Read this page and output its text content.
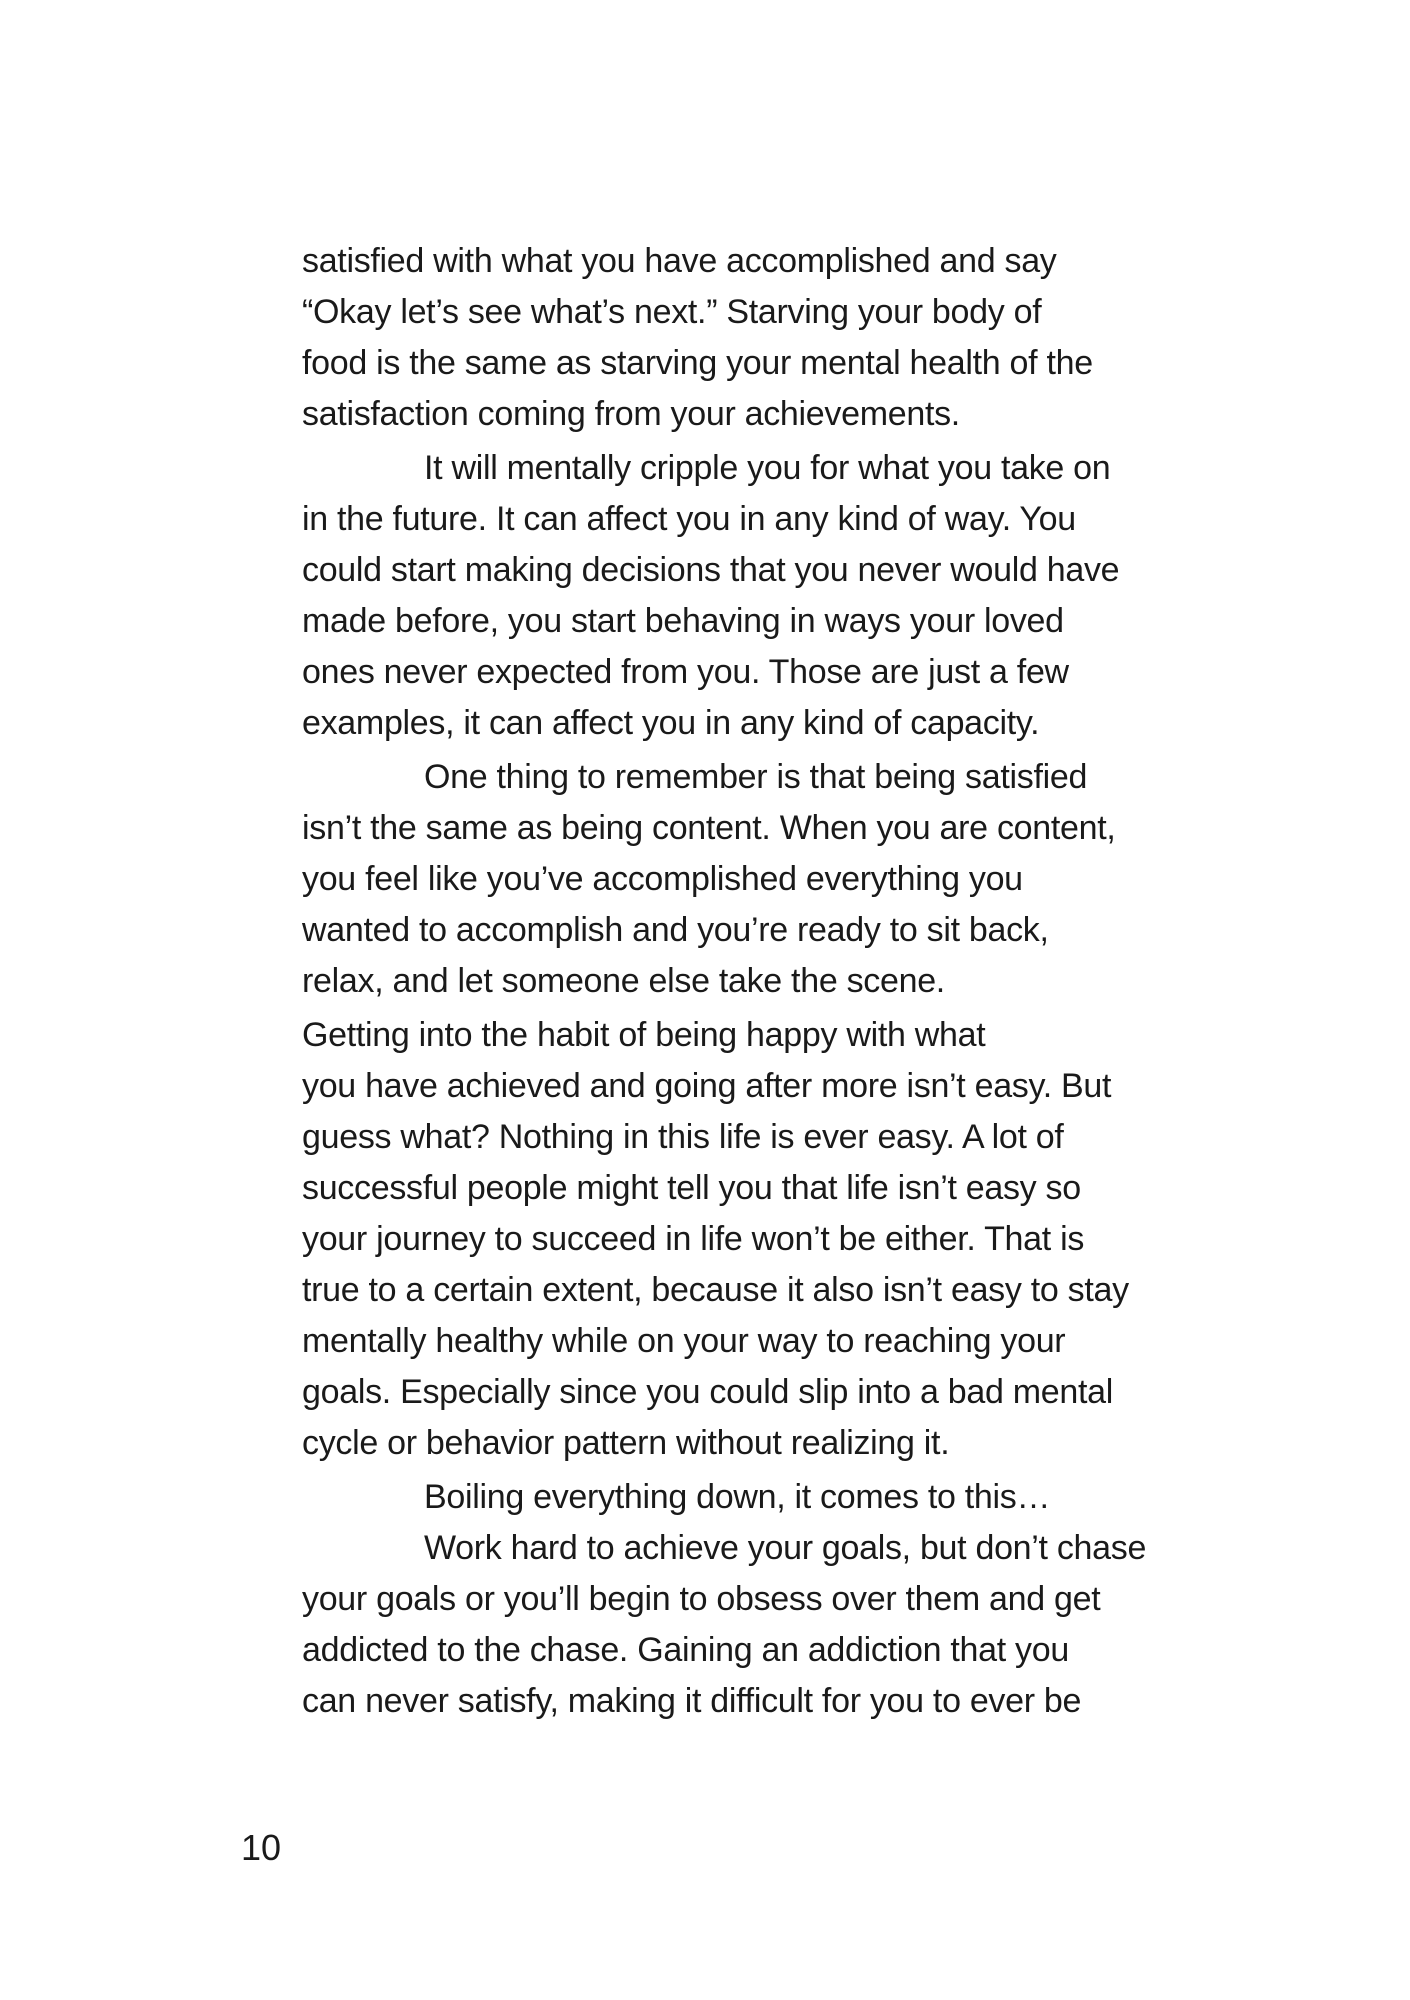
satisfied with what you have accomplished and say
“Okay let’s see what’s next.” Starving your body of
food is the same as starving your mental health of the
satisfaction coming from your achievements.
It will mentally cripple you for what you take on
in the future. It can affect you in any kind of way. You
could start making decisions that you never would have
made before, you start behaving in ways your loved
ones never expected from you. Those are just a few
examples, it can affect you in any kind of capacity.
One thing to remember is that being satisfied
isn’t the same as being content. When you are content,
you feel like you’ve accomplished everything you
wanted to accomplish and you’re ready to sit back,
relax, and let someone else take the scene.
Getting into the habit of being happy with what
you have achieved and going after more isn’t easy. But
guess what? Nothing in this life is ever easy. A lot of
successful people might tell you that life isn’t easy so
your journey to succeed in life won’t be either. That is
true to a certain extent, because it also isn’t easy to stay
mentally healthy while on your way to reaching your
goals. Especially since you could slip into a bad mental
cycle or behavior pattern without realizing it.
Boiling everything down, it comes to this…
Work hard to achieve your goals, but don’t chase
your goals or you’ll begin to obsess over them and get
addicted to the chase. Gaining an addiction that you
can never satisfy, making it difficult for you to ever be
10
